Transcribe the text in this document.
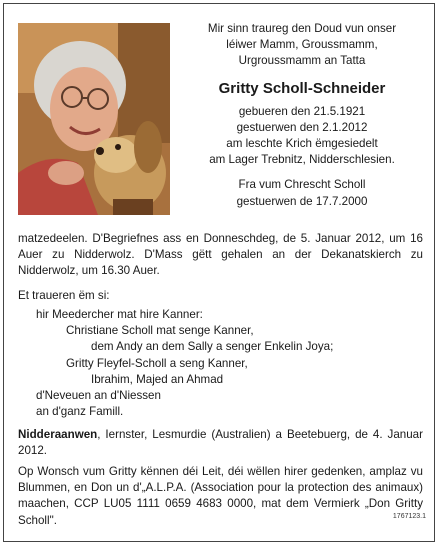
Mir sinn traureg den Doud vun onser
léiwer Mamm, Groussmamm,
Urgroussmamm an Tatta
Gritty Scholl-Schneider
gebueren den 21.5.1921
gestuerwen den 2.1.2012
am leschte Krich ëmgesiedelt
am Lager Trebnitz, Nidderschlesien.
Fra vum Chrescht Scholl
gestuerwen de 17.7.2000
matzedeelen. D'Begriefnes ass en Donneschdeg, de 5. Januar 2012, um 16 Auer zu Nidderwolz. D'Mass gëtt gehalen an der Dekanatskierch zu Nidderwolz, um 16.30 Auer.
Et traueren ëm si:
hir Meedercher mat hire Kanner:
Christiane Scholl mat senge Kanner,
dem Andy an dem Sally a senger Enkelin Joya;
Gritty Fleyfel-Scholl a seng Kanner,
Ibrahim, Majed an Ahmad
d'Neveuen an d'Niessen
an d'ganz Famill.
Nidderaanwen, Iernster, Lesmurdie (Australien) a Beetebuerg, de 4. Januar 2012.
Op Wonsch vum Gritty kënnen déi Leit, déi wëllen hirer gedenken, amplaz vu Blummen, en Don un d'„A.L.P.A. (Association pour la protection des animaux) maachen, CCP LU05 1111 0659 4683 0000, mat dem Vermierk „Don Gritty Scholl".	1767123.1
